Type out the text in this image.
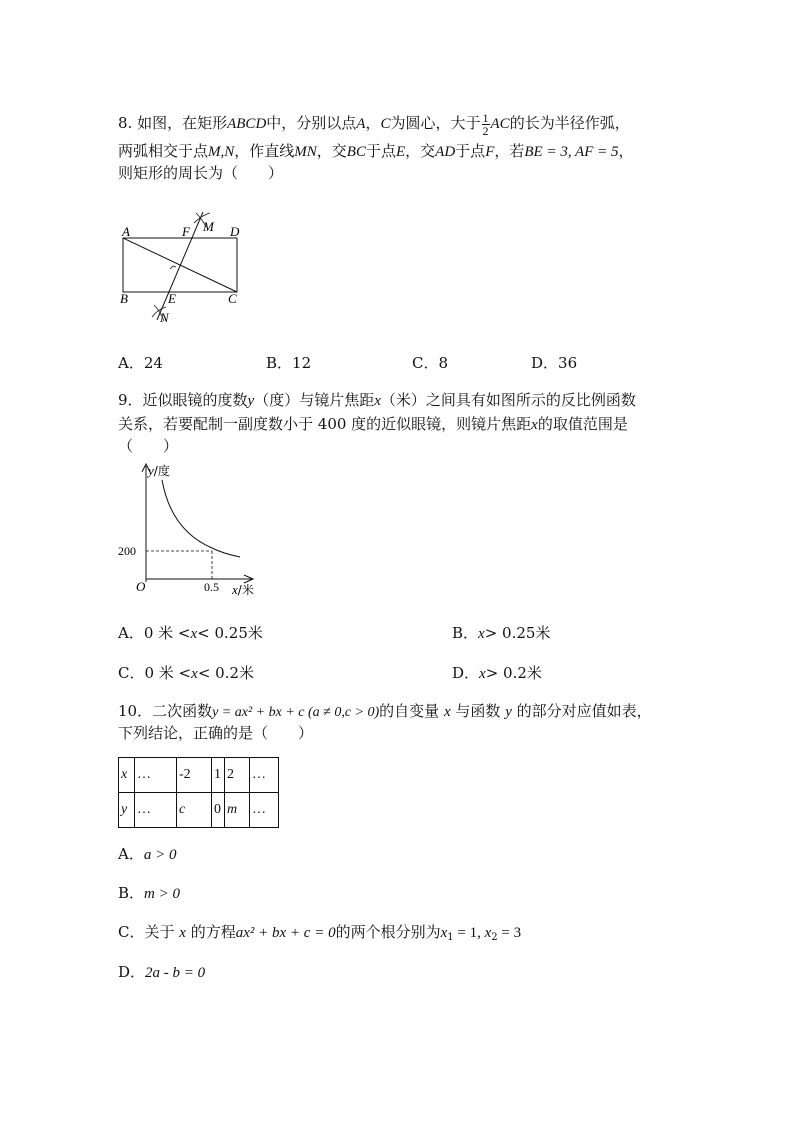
8. 如图，在矩形ABCD中，分别以点A，C为圆心，大于 $\frac{1}{2}$ AC的长为半径作弧，
两弧相交于点M,N，作直线MN，交BC于点E，交AD于点F，若BE = 3, AF = 5，
则矩形的周长为（　　）
A	D
B	C
E
F M
N
A．24	B．12	C．8	D．36
9．近似眼镜的度数y（度）与镜片焦距x（米）之间具有如图所示的反比例函数
关系，若要配制一副度数小于 400 度的近似眼镜，则镜片焦距x的取值范围是
（　　）
y/度
200
0.5
O	x/米
A．0 米 <x< 0.25米	B．x> 0.25米
C．0 米 <x< 0.2米	D．x> 0.2米
10．二次函数y = ax² + bx + c (a ≠ 0,c > 0)的自变量 x 与函数 y 的部分对应值如表，
下列结论，正确的是（　　）
x	…	-2	1	2	…
y	…	c	0	m	…
A．a > 0
B．m > 0
C．关于 x 的方程ax² + bx + c = 0的两个根分别为$x_1 = 1$, $x_2 = 3$
D．2a - b = 0
